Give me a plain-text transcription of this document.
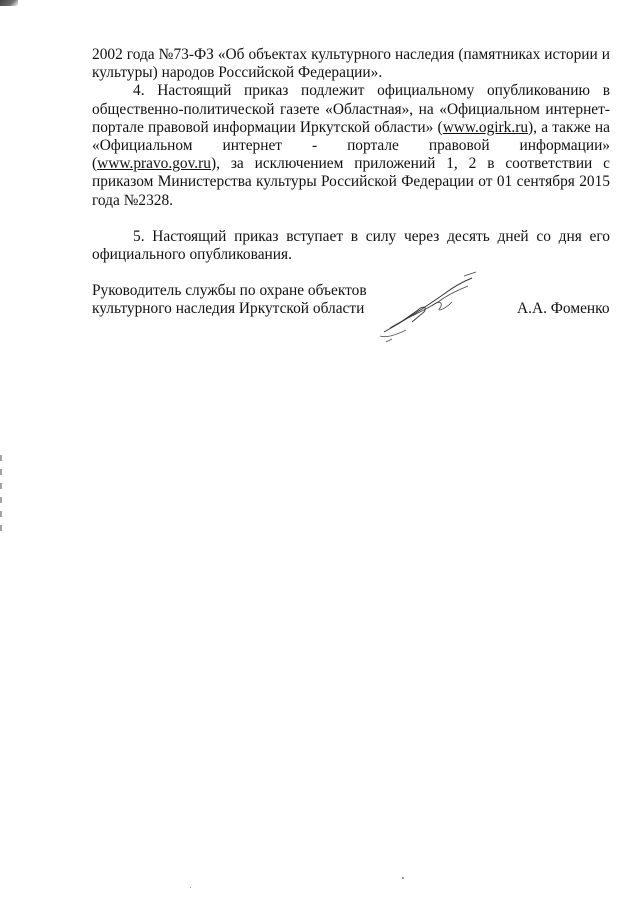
2002 года №73-ФЗ «Об объектах культурного наследия (памятниках истории и культуры) народов Российской Федерации».

4. Настоящий приказ подлежит официальному опубликованию в общественно-политической газете «Областная», на «Официальном интернет-портале правовой информации Иркутской области» (www.ogirk.ru), а также на «Официальном интернет - портале правовой информации» (www.pravo.gov.ru), за исключением приложений 1, 2 в соответствии с приказом Министерства культуры Российской Федерации от 01 сентября 2015 года №2328.

5. Настоящий приказ вступает в силу через десять дней со дня его официального опубликования.

Руководитель службы по охране объектов
культурного наследия Иркутской области	А.А. Фоменко
